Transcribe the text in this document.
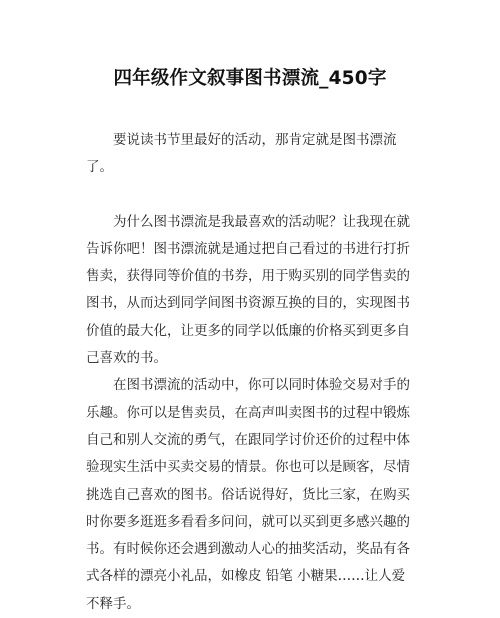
四年级作文叙事图书漂流_450字

要说读书节里最好的活动，那肯定就是图书漂流了。

为什么图书漂流是我最喜欢的活动呢？让我现在就告诉你吧！图书漂流就是通过把自己看过的书进行打折售卖，获得同等价值的书券，用于购买别的同学售卖的图书，从而达到同学间图书资源互换的目的，实现图书价值的最大化，让更多的同学以低廉的价格买到更多自己喜欢的书。

在图书漂流的活动中，你可以同时体验交易对手的乐趣。你可以是售卖员，在高声叫卖图书的过程中锻炼自己和别人交流的勇气，在跟同学讨价还价的过程中体验现实生活中买卖交易的情景。你也可以是顾客，尽情挑选自己喜欢的图书。俗话说得好，货比三家，在购买时你要多逛逛多看看多问问，就可以买到更多感兴趣的书。有时候你还会遇到激动人心的抽奖活动，奖品有各式各样的漂亮小礼品，如橡皮 铅笔 小糖果……让人爱不释手。
